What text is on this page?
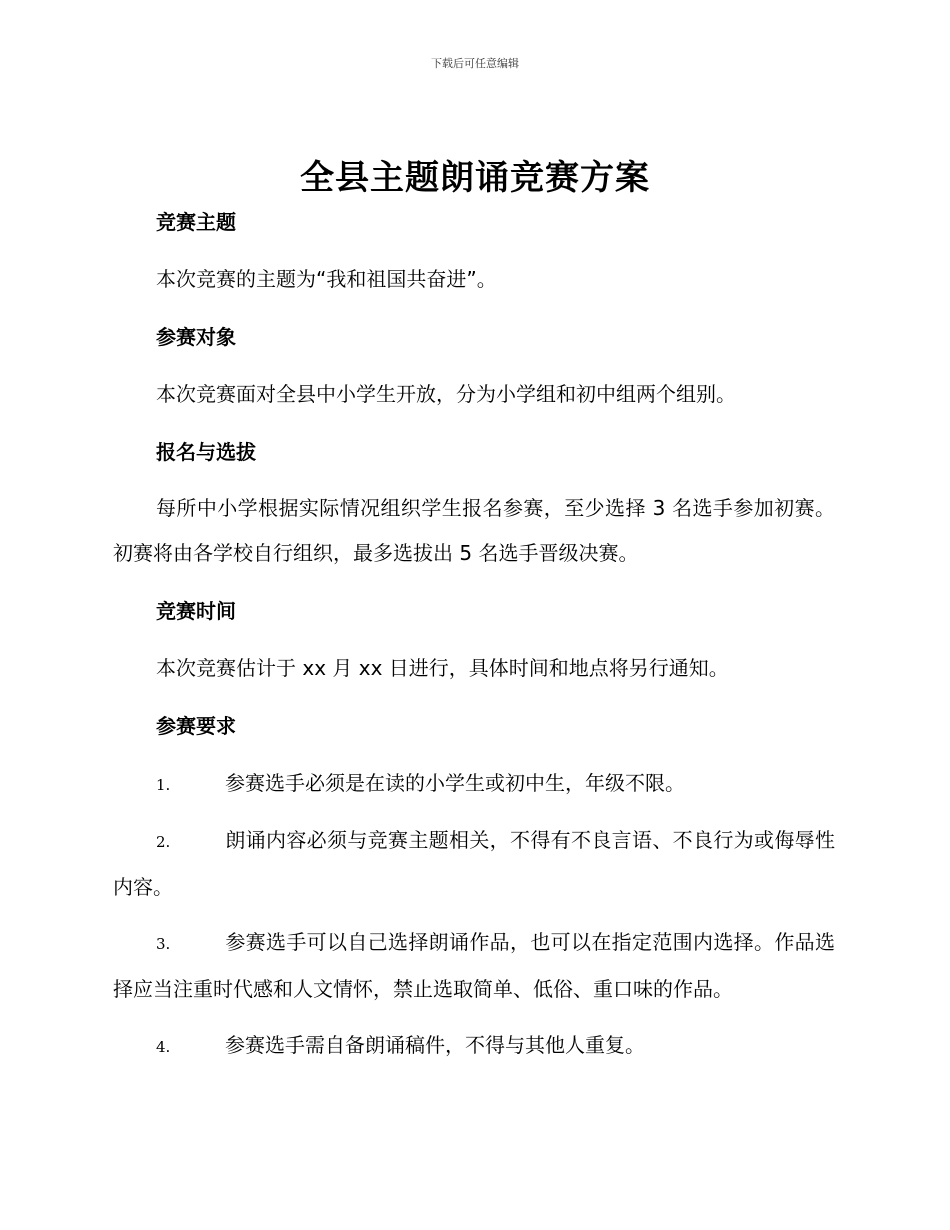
下载后可任意编辑
全县主题朗诵竞赛方案
竞赛主题
本次竞赛的主题为“我和祖国共奋进”。
参赛对象
本次竞赛面对全县中小学生开放，分为小学组和初中组两个组别。
报名与选拔
每所中小学根据实际情况组织学生报名参赛，至少选择 3 名选手参加初赛。初赛将由各学校自行组织，最多选拔出 5 名选手晋级决赛。
竞赛时间
本次竞赛估计于 xx 月 xx 日进行，具体时间和地点将另行通知。
参赛要求
1.	参赛选手必须是在读的小学生或初中生，年级不限。
2.	朗诵内容必须与竞赛主题相关，不得有不良言语、不良行为或侮辱性内容。
3.	参赛选手可以自己选择朗诵作品，也可以在指定范围内选择。作品选择应当注重时代感和人文情怀，禁止选取简单、低俗、重口味的作品。
4.	参赛选手需自备朗诵稿件，不得与其他人重复。
